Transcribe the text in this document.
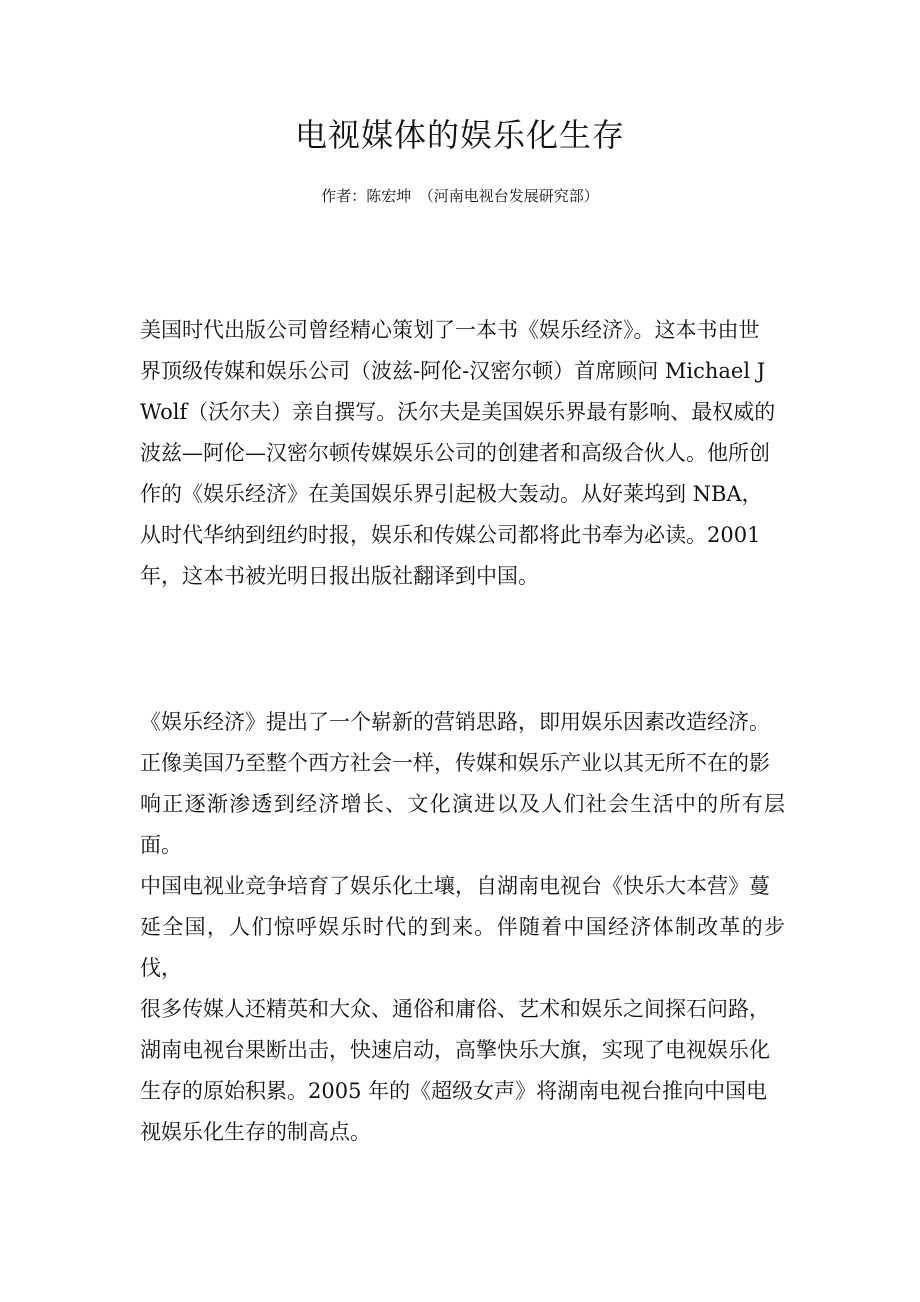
电视媒体的娱乐化生存

作者：陈宏坤　（河南电视台发展研究部）

美国时代出版公司曾经精心策划了一本书《娱乐经济》。这本书由世
界顶级传媒和娱乐公司（波兹-阿伦-汉密尔顿）首席顾问 Michael J
Wolf（沃尔夫）亲自撰写。沃尔夫是美国娱乐界最有影响、最权威的
波兹—阿伦—汉密尔顿传媒娱乐公司的创建者和高级合伙人。他所创
作的《娱乐经济》在美国娱乐界引起极大轰动。从好莱坞到 NBA，
从时代华纳到纽约时报，娱乐和传媒公司都将此书奉为必读。2001
年，这本书被光明日报出版社翻译到中国。

《娱乐经济》提出了一个崭新的营销思路，即用娱乐因素改造经济。
正像美国乃至整个西方社会一样，传媒和娱乐产业以其无所不在的影
响正逐渐渗透到经济增长、文化演进以及人们社会生活中的所有层面。
中国电视业竞争培育了娱乐化土壤，自湖南电视台《快乐大本营》蔓
延全国，人们惊呼娱乐时代的到来。伴随着中国经济体制改革的步伐，
很多传媒人还精英和大众、通俗和庸俗、艺术和娱乐之间探石问路，
湖南电视台果断出击，快速启动，高擎快乐大旗，实现了电视娱乐化
生存的原始积累。2005 年的《超级女声》将湖南电视台推向中国电
视娱乐化生存的制高点。
